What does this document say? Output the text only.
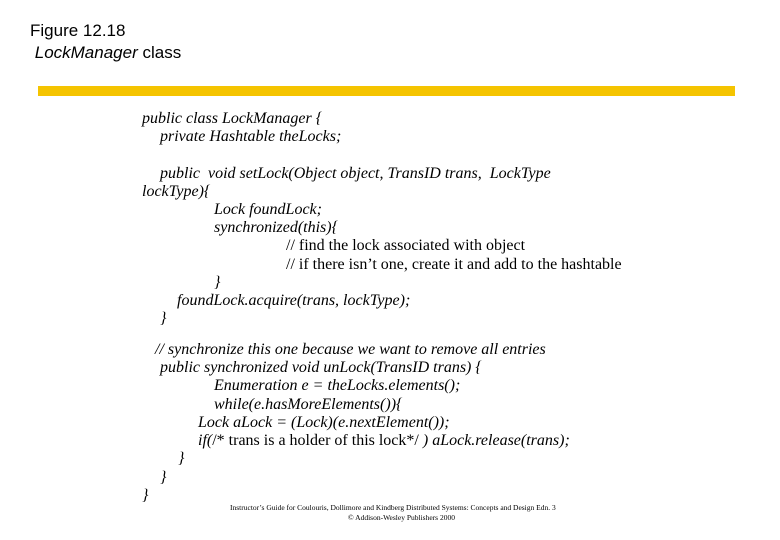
Figure 12.18
LockManager class
public class LockManager {
private Hashtable theLocks;
public  void setLock(Object object, TransID trans,  LockType
lockType){
Lock foundLock;
synchronized(this){
// find the lock associated with object
// if there isn’t one, create it and add to the hashtable
}
foundLock.acquire(trans, lockType);
}
// synchronize this one because we want to remove all entries
public synchronized void unLock(TransID trans) {
Enumeration e = theLocks.elements();
while(e.hasMoreElements()){
Lock aLock = (Lock)(e.nextElement());
if(/* trans is a holder of this lock*/ ) aLock.release(trans);
}
}
}
Instructor’s Guide for Coulouris, Dollimore and Kindberg Distributed Systems: Concepts and Design Edn. 3
© Addison-Wesley Publishers 2000
